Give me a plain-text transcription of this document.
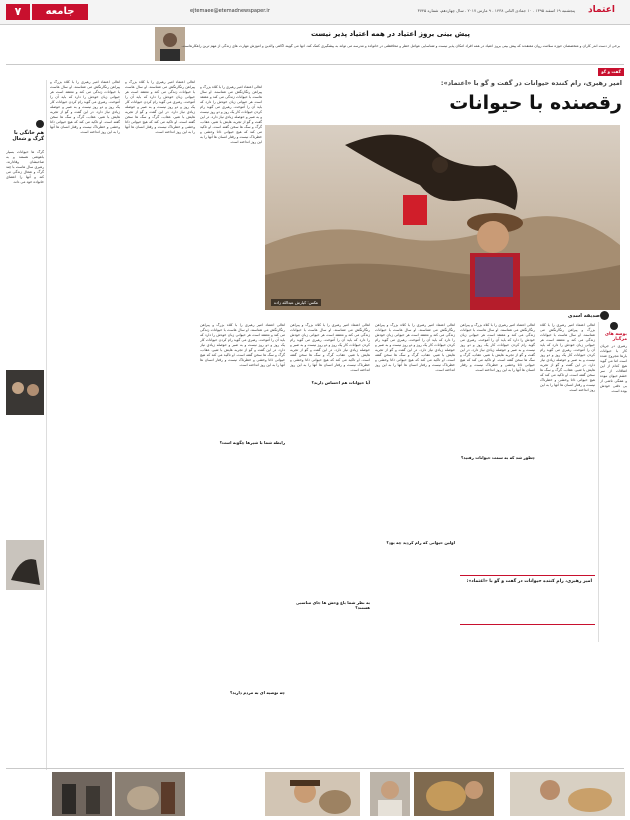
۷	جامعه	ejtemaee@etemadnewspaper.ir	پنجشنبه ۱۹ اسفند ۱۳۹۵ . ۱۰ جمادی الثانی ۱۴۳۸ . ۹ مارس ۲۰۱۷ . سال چهاردهم، شماره ۳۷۴۵ اعتماد
پیش بینی بروز اعتیاد در همه اعتیاد پذیر نیست
برخی از دست اندر کاران و متخصصان حوزه سلامت روان معتقدند که پیش بینی بروز اعتیاد در همه افراد امکان پذیر نیست و شناسایی عوامل خطر و محافظتی در خانواده و مدرسه می تواند به پیشگیری کمک کند. آنها می گویند آگاهی والدین و آموزش مهارت های زندگی از مهم ترین راهکارهاست.
گفت و گو
امیر رهبری، رام کننده حیوانات در گفت و گو با «اعتماد»:
رقصنده با حیوانات
عکس: کیارش عبدالله زاده
صدیقه اسدی
اهالی اعتماد امیر رهبری را با کلاه بزرگ و پیراهن رنگارنگش می شناسند. او سال هاست با حیوانات زندگی می کند و معتقد است هر حیوانی زبان خودش را دارد که باید آن را آموخت. رهبری می گوید رام کردن حیوانات کار یک روز و دو روز نیست و به صبر و حوصله زیادی نیاز دارد. در این گفت و گو از تجربه هایش با شیر، عقاب، گرگ و سگ ها سخن گفته است. او تاکید می کند که هیچ حیوانی ذاتا وحشی و خطرناک نیست و رفتار انسان ها آنها را به این روز انداخته است.
اهالی اعتماد امیر رهبری را با کلاه بزرگ و پیراهن رنگارنگش می شناسند. او سال هاست با حیوانات زندگی می کند و معتقد است هر حیوانی زبان خودش را دارد که باید آن را آموخت. رهبری می گوید رام کردن حیوانات کار یک روز و دو روز نیست و به صبر و حوصله زیادی نیاز دارد. در این گفت و گو از تجربه هایش با شیر، عقاب، گرگ و سگ ها سخن گفته است. او تاکید می کند که هیچ حیوانی ذاتا وحشی و خطرناک نیست و رفتار انسان ها آنها را به این روز انداخته است.
اهالی اعتماد امیر رهبری را با کلاه بزرگ و پیراهن رنگارنگش می شناسند. او سال هاست با حیوانات زندگی می کند و معتقد است هر حیوانی زبان خودش را دارد که باید آن را آموخت. رهبری می گوید رام کردن حیوانات کار یک روز و دو روز نیست و به صبر و حوصله زیادی نیاز دارد. در این گفت و گو از تجربه هایش با شیر، عقاب، گرگ و سگ ها سخن گفته است. او تاکید می کند که هیچ حیوانی ذاتا وحشی و خطرناک نیست و رفتار انسان ها آنها را به این روز انداخته است.
اهالی اعتماد امیر رهبری را با کلاه بزرگ و پیراهن رنگارنگش می شناسند. او سال هاست با حیوانات زندگی می کند و معتقد است هر حیوانی زبان خودش را دارد که باید آن را آموخت. رهبری می گوید رام کردن حیوانات کار یک روز و دو روز نیست و به صبر و حوصله زیادی نیاز دارد. در این گفت و گو از تجربه هایش با شیر، عقاب، گرگ و سگ ها سخن گفته است. او تاکید می کند که هیچ حیوانی ذاتا وحشی و خطرناک نیست و رفتار انسان ها آنها را به این روز انداخته است.
اهالی اعتماد امیر رهبری را با کلاه بزرگ و پیراهن رنگارنگش می شناسند. او سال هاست با حیوانات زندگی می کند و معتقد است هر حیوانی زبان خودش را دارد که باید آن را آموخت. رهبری می گوید رام کردن حیوانات کار یک روز و دو روز نیست و به صبر و حوصله زیادی نیاز دارد. در این گفت و گو از تجربه هایش با شیر، عقاب، گرگ و سگ ها سخن گفته است. او تاکید می کند که هیچ حیوانی ذاتا وحشی و خطرناک نیست و رفتار انسان ها آنها را به این روز انداخته است.
اهالی اعتماد امیر رهبری را با کلاه بزرگ و پیراهن رنگارنگش می شناسند. او سال هاست با حیوانات زندگی می کند و معتقد است هر حیوانی زبان خودش را دارد که باید آن را آموخت. رهبری می گوید رام کردن حیوانات کار یک روز و دو روز نیست و به صبر و حوصله زیادی نیاز دارد. در این گفت و گو از تجربه هایش با شیر، عقاب، گرگ و سگ ها سخن گفته است. او تاکید می کند که هیچ حیوانی ذاتا وحشی و خطرناک نیست و رفتار انسان ها آنها را به این روز انداخته است.
چطور شد که به سمت حیوانات رفتید؟
اولین حیوانی که رام کردید چه بود؟
آیا حیوانات هم احساس دارند؟
رابطه شما با شیرها چگونه است؟
به نظر شما باغ وحش ها جای مناسبی هستند؟
چه توصیه ای به مردم دارید؟
امیر رهبری، رام کننده حیوانات در گفت و گو با «اعتماد»:
بوسه های مرگبار
رهبری در جریان کار با حیوانات بارها مجروح شده است اما می گوید هیچ کدام از این اتفاقات از سر خشم حیوان نبوده و همگی ناشی از بی دقتی خودش بوده است.
اهالی اعتماد امیر رهبری را با کلاه بزرگ و پیراهن رنگارنگش می شناسند. او سال هاست با حیوانات زندگی می کند و معتقد است هر حیوانی زبان خودش را دارد که باید آن را آموخت. رهبری می گوید رام کردن حیوانات کار یک روز و دو روز نیست و به صبر و حوصله زیادی نیاز دارد. در این گفت و گو از تجربه هایش با شیر، عقاب، گرگ و سگ ها سخن گفته است. او تاکید می کند که هیچ حیوانی ذاتا وحشی و خطرناک نیست و رفتار انسان ها آنها را به این روز انداخته است.
اهالی اعتماد امیر رهبری را با کلاه بزرگ و پیراهن رنگارنگش می شناسند. او سال هاست با حیوانات زندگی می کند و معتقد است هر حیوانی زبان خودش را دارد که باید آن را آموخت. رهبری می گوید رام کردن حیوانات کار یک روز و دو روز نیست و به صبر و حوصله زیادی نیاز دارد. در این گفت و گو از تجربه هایش با شیر، عقاب، گرگ و سگ ها سخن گفته است. او تاکید می کند که هیچ حیوانی ذاتا وحشی و خطرناک نیست و رفتار انسان ها آنها را به این روز انداخته است.
هم خانگی با گرگ و شغال
گرگ ها حیوانات بسیار باهوشی هستند و به صاحبشان وفادارند. رهبری سال هاست با چند گرگ و شغال زندگی می کند و آنها را اعضای خانواده خود می داند.
